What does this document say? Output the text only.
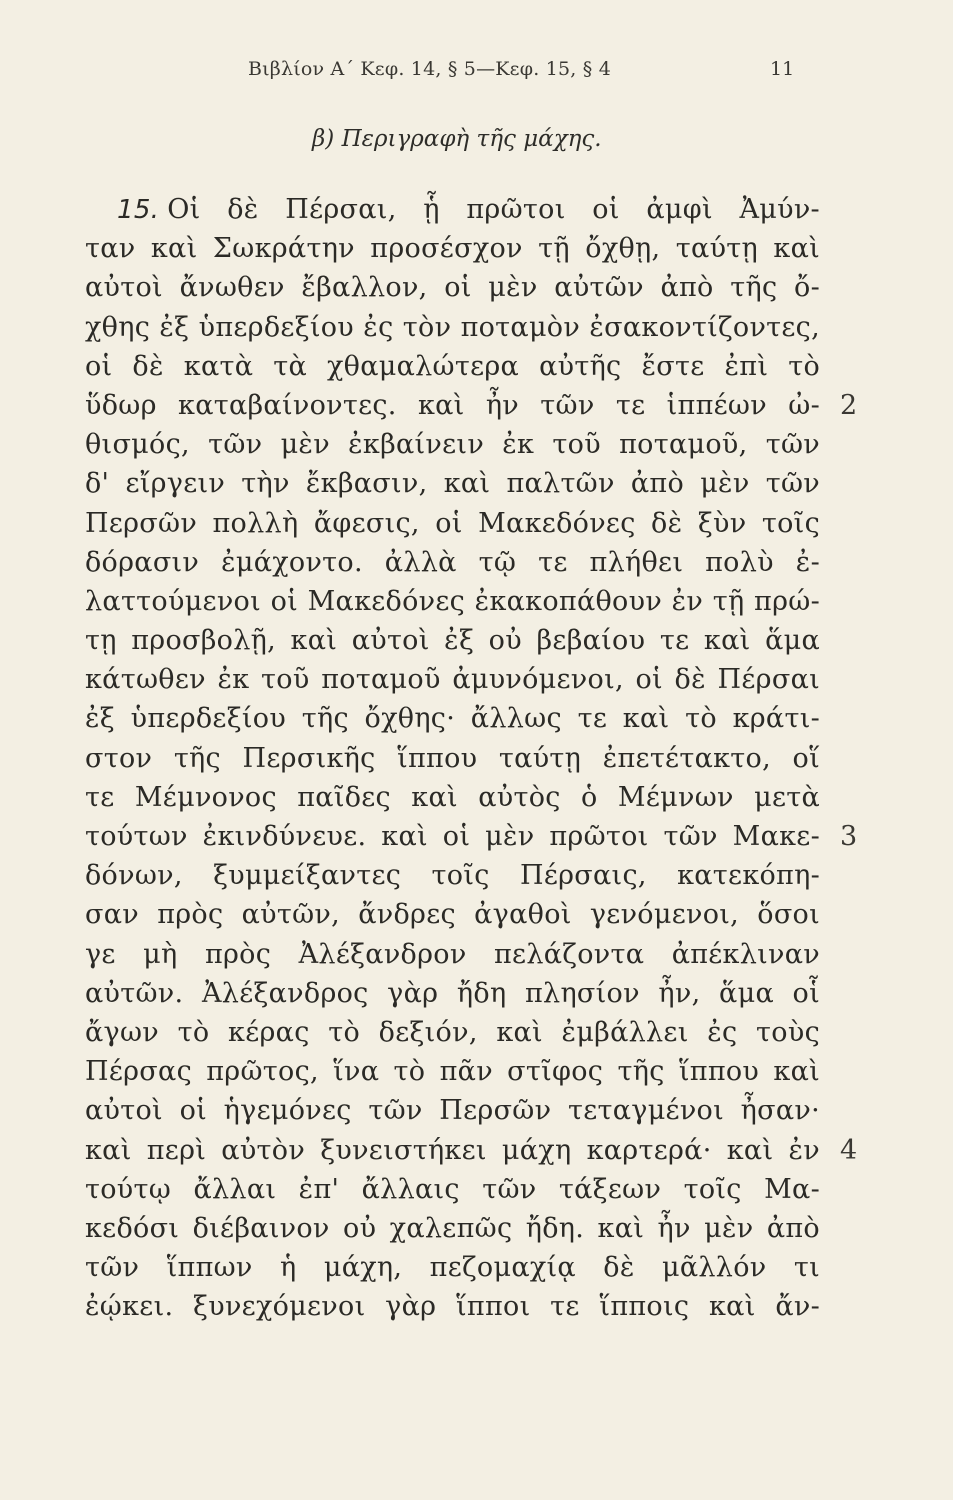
Βιβλίον Α΄ Κεφ. 14, § 5—Κεφ. 15, § 4	11
β) Περιγραφὴ τῆς μάχης.
15. Οἱ δὲ Πέρσαι, ᾗ πρῶτοι οἱ ἀμφὶ Ἀμύν-
ταν καὶ Σωκράτην προσέσχον τῇ ὄχθῃ, ταύτῃ καὶ
αὐτοὶ ἄνωθεν ἔβαλλον, οἱ μὲν αὐτῶν ἀπὸ τῆς ὄ-
χθης ἐξ ὑπερδεξίου ἐς τὸν ποταμὸν ἐσακοντίζοντες,
οἱ δὲ κατὰ τὰ χθαμαλώτερα αὐτῆς ἔστε ἐπὶ τὸ
ὕδωρ καταβαίνοντες. καὶ ἦν τῶν τε ἱππέων ὠ-
θισμός, τῶν μὲν ἐκβαίνειν ἐκ τοῦ ποταμοῦ, τῶν
δ' εἴργειν τὴν ἔκβασιν, καὶ παλτῶν ἀπὸ μὲν τῶν
Περσῶν πολλὴ ἄφεσις, οἱ Μακεδόνες δὲ ξὺν τοῖς
δόρασιν ἐμάχοντο. ἀλλὰ τῷ τε πλήθει πολὺ ἐ-
λαττούμενοι οἱ Μακεδόνες ἐκακοπάθουν ἐν τῇ πρώ-
τῃ προσβολῇ, καὶ αὐτοὶ ἐξ οὐ βεβαίου τε καὶ ἅμα
κάτωθεν ἐκ τοῦ ποταμοῦ ἀμυνόμενοι, οἱ δὲ Πέρσαι
ἐξ ὑπερδεξίου τῆς ὄχθης· ἄλλως τε καὶ τὸ κράτι-
στον τῆς Περσικῆς ἵππου ταύτῃ ἐπετέτακτο, οἵ
τε Μέμνονος παῖδες καὶ αὐτὸς ὁ Μέμνων μετὰ
τούτων ἐκινδύνευε. καὶ οἱ μὲν πρῶτοι τῶν Μακε-
δόνων, ξυμμείξαντες τοῖς Πέρσαις, κατεκόπη-
σαν πρὸς αὐτῶν, ἄνδρες ἀγαθοὶ γενόμενοι, ὅσοι
γε μὴ πρὸς Ἀλέξανδρον πελάζοντα ἀπέκλιναν
αὐτῶν. Ἀλέξανδρος γὰρ ἤδη πλησίον ἦν, ἅμα οἷ
ἄγων τὸ κέρας τὸ δεξιόν, καὶ ἐμβάλλει ἐς τοὺς
Πέρσας πρῶτος, ἵνα τὸ πᾶν στῖφος τῆς ἵππου καὶ
αὐτοὶ οἱ ἡγεμόνες τῶν Περσῶν τεταγμένοι ἦσαν·
καὶ περὶ αὐτὸν ξυνειστήκει μάχη καρτερά· καὶ ἐν
τούτῳ ἄλλαι ἐπ' ἄλλαις τῶν τάξεων τοῖς Μα-
κεδόσι διέβαινον οὐ χαλεπῶς ἤδη. καὶ ἦν μὲν ἀπὸ
τῶν ἵππων ἡ μάχη, πεζομαχίᾳ δὲ μᾶλλόν τι
ἐῴκει. ξυνεχόμενοι γὰρ ἵπποι τε ἵπποις καὶ ἄν-
2
3
4
